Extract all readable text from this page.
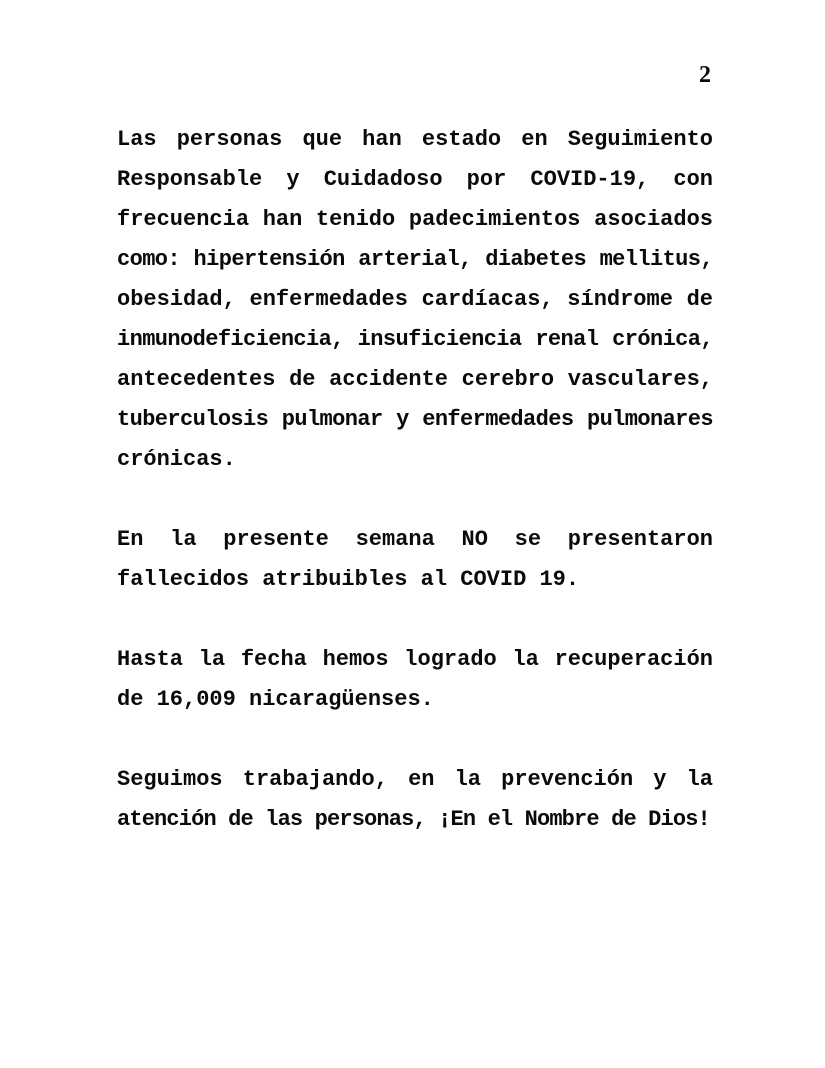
2
Las personas que han estado en Seguimiento
Responsable y Cuidadoso por COVID-19, con
frecuencia han tenido padecimientos asociados
como: hipertensión arterial, diabetes mellitus,
obesidad, enfermedades cardíacas, síndrome de
inmunodeficiencia, insuficiencia renal crónica,
antecedentes de accidente cerebro vasculares,
tuberculosis pulmonar y enfermedades pulmonares
crónicas.
En la presente semana NO se presentaron
fallecidos atribuibles al COVID 19.
Hasta la fecha hemos logrado la recuperación
de 16,009 nicaragüenses.
Seguimos trabajando, en la prevención y la
atención de las personas, ¡En el Nombre de Dios!
